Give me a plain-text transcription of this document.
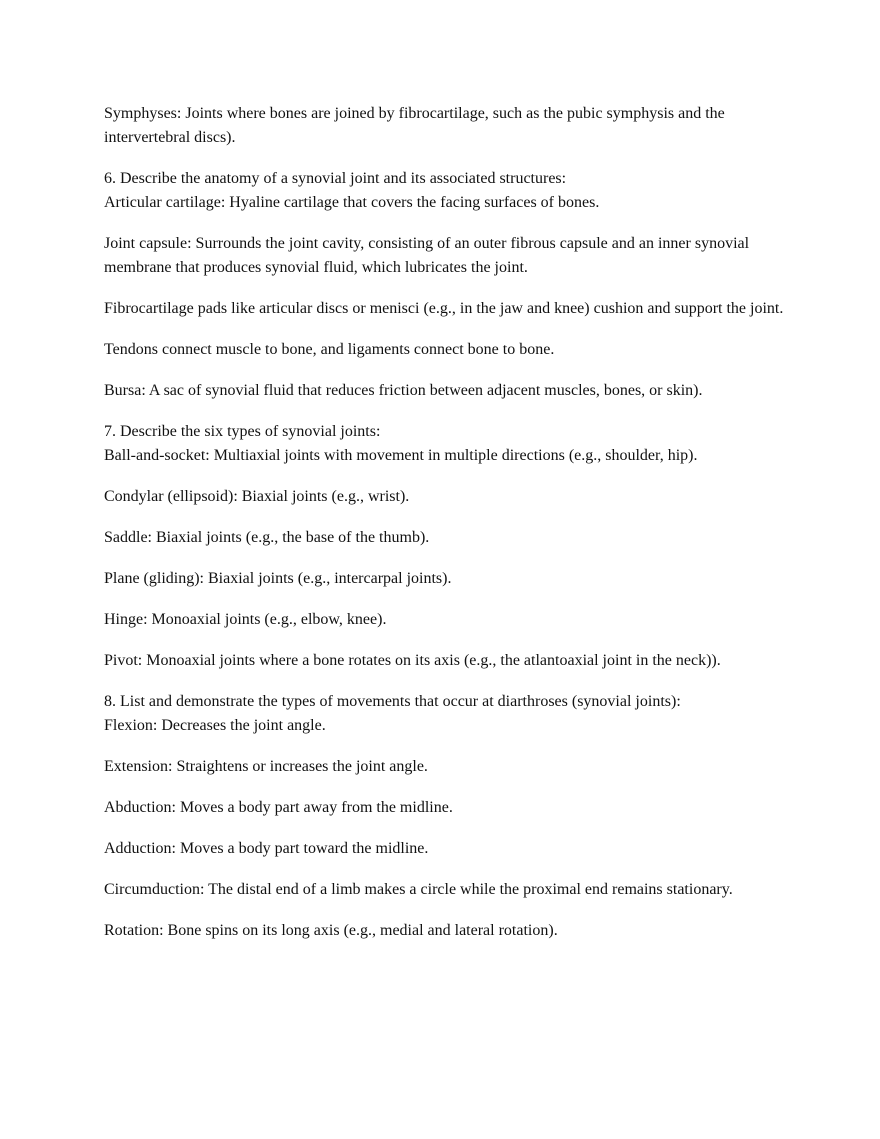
Symphyses: Joints where bones are joined by fibrocartilage, such as the pubic symphysis and the intervertebral discs).

6. Describe the anatomy of a synovial joint and its associated structures:

Articular cartilage: Hyaline cartilage that covers the facing surfaces of bones.

Joint capsule: Surrounds the joint cavity, consisting of an outer fibrous capsule and an inner synovial membrane that produces synovial fluid, which lubricates the joint.

Fibrocartilage pads like articular discs or menisci (e.g., in the jaw and knee) cushion and support the joint.

Tendons connect muscle to bone, and ligaments connect bone to bone.

Bursa: A sac of synovial fluid that reduces friction between adjacent muscles, bones, or skin).

7. Describe the six types of synovial joints:

Ball-and-socket: Multiaxial joints with movement in multiple directions (e.g., shoulder, hip).

Condylar (ellipsoid): Biaxial joints (e.g., wrist).

Saddle: Biaxial joints (e.g., the base of the thumb).

Plane (gliding): Biaxial joints (e.g., intercarpal joints).

Hinge: Monoaxial joints (e.g., elbow, knee).

Pivot: Monoaxial joints where a bone rotates on its axis (e.g., the atlantoaxial joint in the neck)).

8. List and demonstrate the types of movements that occur at diarthroses (synovial joints):

Flexion: Decreases the joint angle.

Extension: Straightens or increases the joint angle.

Abduction: Moves a body part away from the midline.

Adduction: Moves a body part toward the midline.

Circumduction: The distal end of a limb makes a circle while the proximal end remains stationary.

Rotation: Bone spins on its long axis (e.g., medial and lateral rotation).
